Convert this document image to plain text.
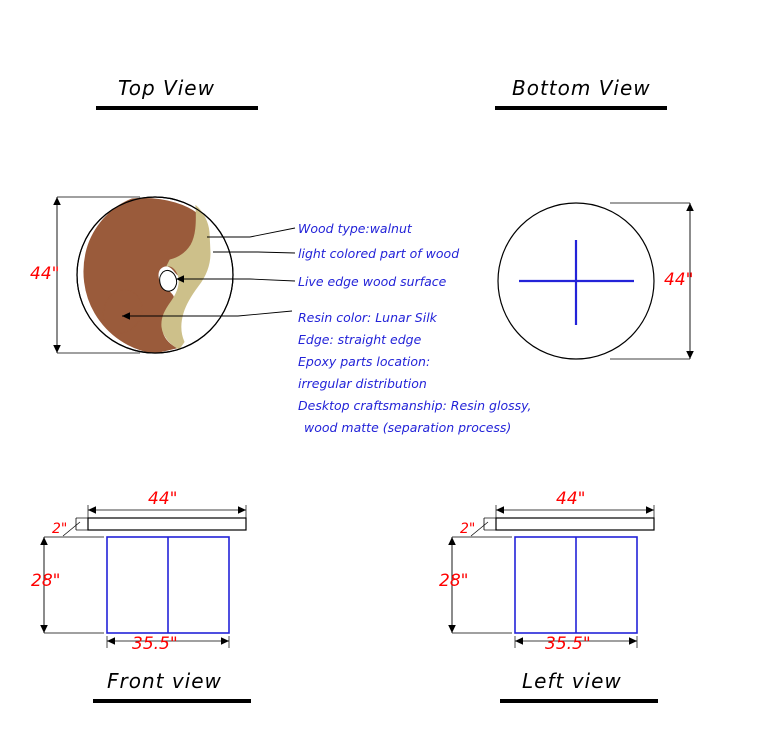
Top View	Bottom View
Front view	Left view
44"	44"
44"
2"
28"
35.5"
44"
2"
28"
35.5"
Wood type:walnut
light colored part of wood
Live edge wood surface
Resin color: Lunar Silk
Edge: straight edge
Epoxy parts location:
irregular distribution
Desktop craftsmanship: Resin glossy,
wood matte (separation process)
